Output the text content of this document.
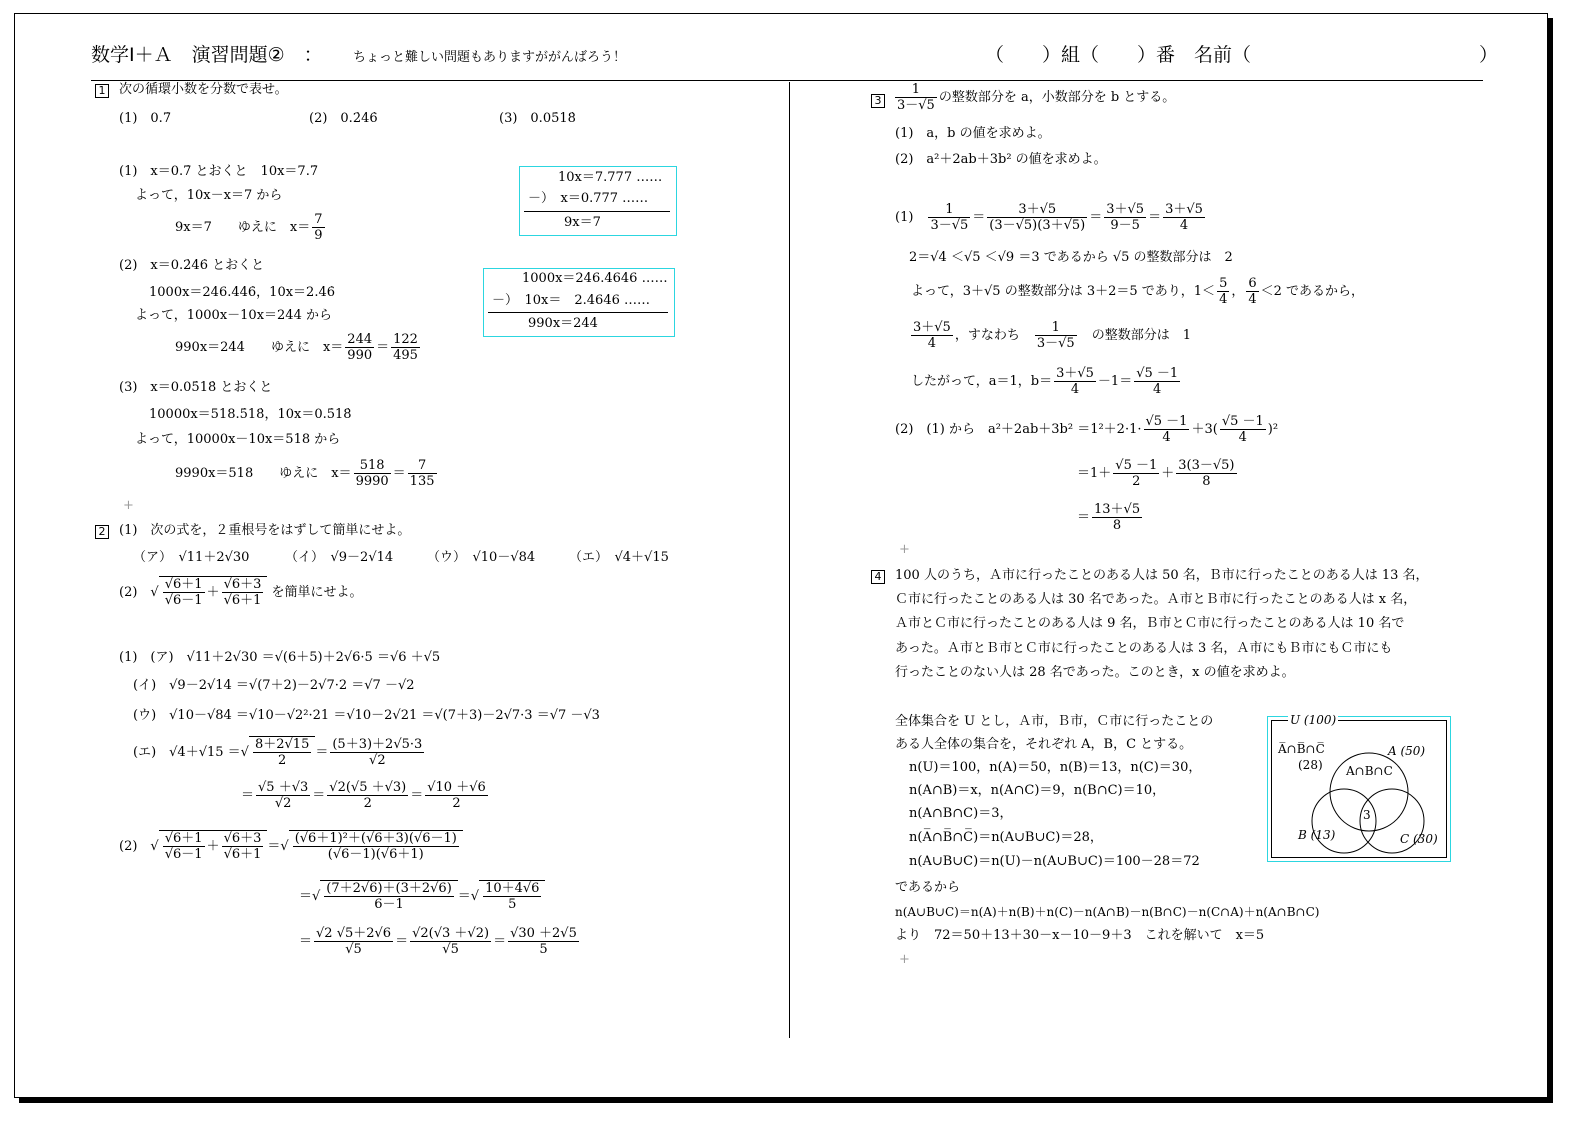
数学Ⅰ＋Ａ　演習問題②　： ちょっと難しい問題もありますががんばろう！	（　　）組（　　）番　名前（　　　　　　　　　　　　）
1 次の循環小数を分数で表せ。
(1)　0.7̇	(2)　0.2̇46̇	(3)　0.05̇18̇
(1)　x＝0.7̇ とおくと　10x＝7.7̇
よって，10x－x＝7 から
9x＝7　　ゆえに　$x= \frac{7}{9}$
10x＝7.777 ……
－）　x＝0.777 ……
9x＝7
(2)　x＝0.2̇46̇ とおくと
1000x＝246.4̇46̇，10x＝2.4̇6̇
よって，1000x－10x＝244 から
990x＝244　　ゆえに　$x= \frac{244}{990} = \frac{122}{495}$
1000x＝246.4646 ……
－）　10x＝　2.4646 ……
990x＝244
(3)　x＝0.05̇18̇ とおくと
10000x＝518.5̇18̇，10x＝0.5̇18̇
よって，10000x－10x＝518 から
9990x＝518　　ゆえに　$x= \frac{518}{9990} = \frac{7}{135}$
+
2 (1)　次の式を，２重根号をはずして簡単にせよ。
（ア）　√11＋2√30	（イ）　√9－2√14	（ウ）　√10－√84	（エ）　√4＋√15
(2)　√ $\frac{√6+1}{√6-1} + \frac{√6+3}{√6+1}$ を簡単にせよ。
(1)　(ア)　√11＋2√30 ＝√(6＋5)＋2√6·5 ＝√6 ＋√5
(イ)　√9－2√14 ＝√(7＋2)－2√7·2 ＝√7 －√2
(ウ)　√10－√84 ＝√10－√2²·21 ＝√10－2√21 ＝√(7＋3)－2√7·3 ＝√7 －√3
(エ)　√4＋√15 ＝√ $\frac{8+2√15}{2} = \frac{(5+3)+2√5\cdot 3}{√2}$
＝ $\frac{√5 +√3}{√2} = \frac{√2(√5 +√3)}{2} = \frac{√10 +√6}{2}$
(2)　√ $\frac{√6+1}{√6-1} + \frac{√6+3}{√6+1}$ ＝√ $\frac{\text{(√6＋1)²＋(√6＋3)(√6－1)}}{(√6-1)(√6+1)}$
＝√ $\frac{(7+2√6)+(3+2√6)}{6-1}$ ＝√ $\frac{10+4√6}{5}$
＝ $\frac{√2 √5+2√6}{√5} = \frac{√2(√3 +√2)}{√5} = \frac{√30 +2√5}{5}$
$3 \frac{1}{3-√5}$ の整数部分を a，小数部分を b とする。
(1)　a，b の値を求めよ。
(2)　a²＋2ab＋3b² の値を求めよ。
(1)　 $\frac{1}{3-√5} = \frac{3+√5}{(3-√5)(3+√5)} = \frac{3+√5}{9-5} = \frac{3+√5}{4}$
2＝√4 ＜√5 ＜√9 ＝3 であるから √5 の整数部分は　2
よって，3＋√5 の整数部分は 3＋2＝5 であり，$1< \frac{5}{4}$ ， $\frac{6}{4} <2$ であるから，
$\frac{3+√5}{4}$ ，すなわち　 $\frac{1}{3-√5}$
　 の整数部分は　1
したがって，a＝1，$b= \frac{3+√5}{4} -1= \frac{√5 -1}{4}$
(2)　(1) から　$a^2+2ab+3b^2 =1^2+2\cdot 1\cdot \frac{√5 -1}{4} +3( \frac{√5 -1}{4} )^2$
$=1+ \frac{√5 -1}{2} + \frac{3(3-√5)}{8}$
＝ $\frac{13+√5}{8}$
+
4 100 人のうち，Ａ市に行ったことのある人は 50 名，Ｂ市に行ったことのある人は 13 名，
Ｃ市に行ったことのある人は 30 名であった。Ａ市とＢ市に行ったことのある人は x 名，
Ａ市とＣ市に行ったことのある人は 9 名，Ｂ市とＣ市に行ったことのある人は 10 名で
あった。Ａ市とＢ市とＣ市に行ったことのある人は 3 名，Ａ市にもＢ市にもＣ市にも
行ったことのない人は 28 名であった。このとき，x の値を求めよ。
全体集合を U とし，Ａ市，Ｂ市，Ｃ市に行ったことの
ある人全体の集合を，それぞれ A，B，C とする。
n(U)＝100，n(A)＝50，n(B)＝13，n(C)＝30，
n(A∩B)＝x，n(A∩C)＝9，n(B∩C)＝10，
n(A∩B∩C)＝3，
n(A̅∩B̅∩C̅)＝n(A∪B∪C)＝28，
n(A∪B∪C)＝n(U)－n(A∪B∪C)＝100－28＝72
であるから
n(A∪B∪C)＝n(A)＋n(B)＋n(C)－n(A∩B)－n(B∩C)－n(C∩A)＋n(A∩B∩C)
より　72＝50＋13＋30－x－10－9＋3　これを解いて　x＝5
+
U (100)
A̅∩B̅∩C̅
(28)
A (50)
A∩B∩C
3
B (13)	C (30)
